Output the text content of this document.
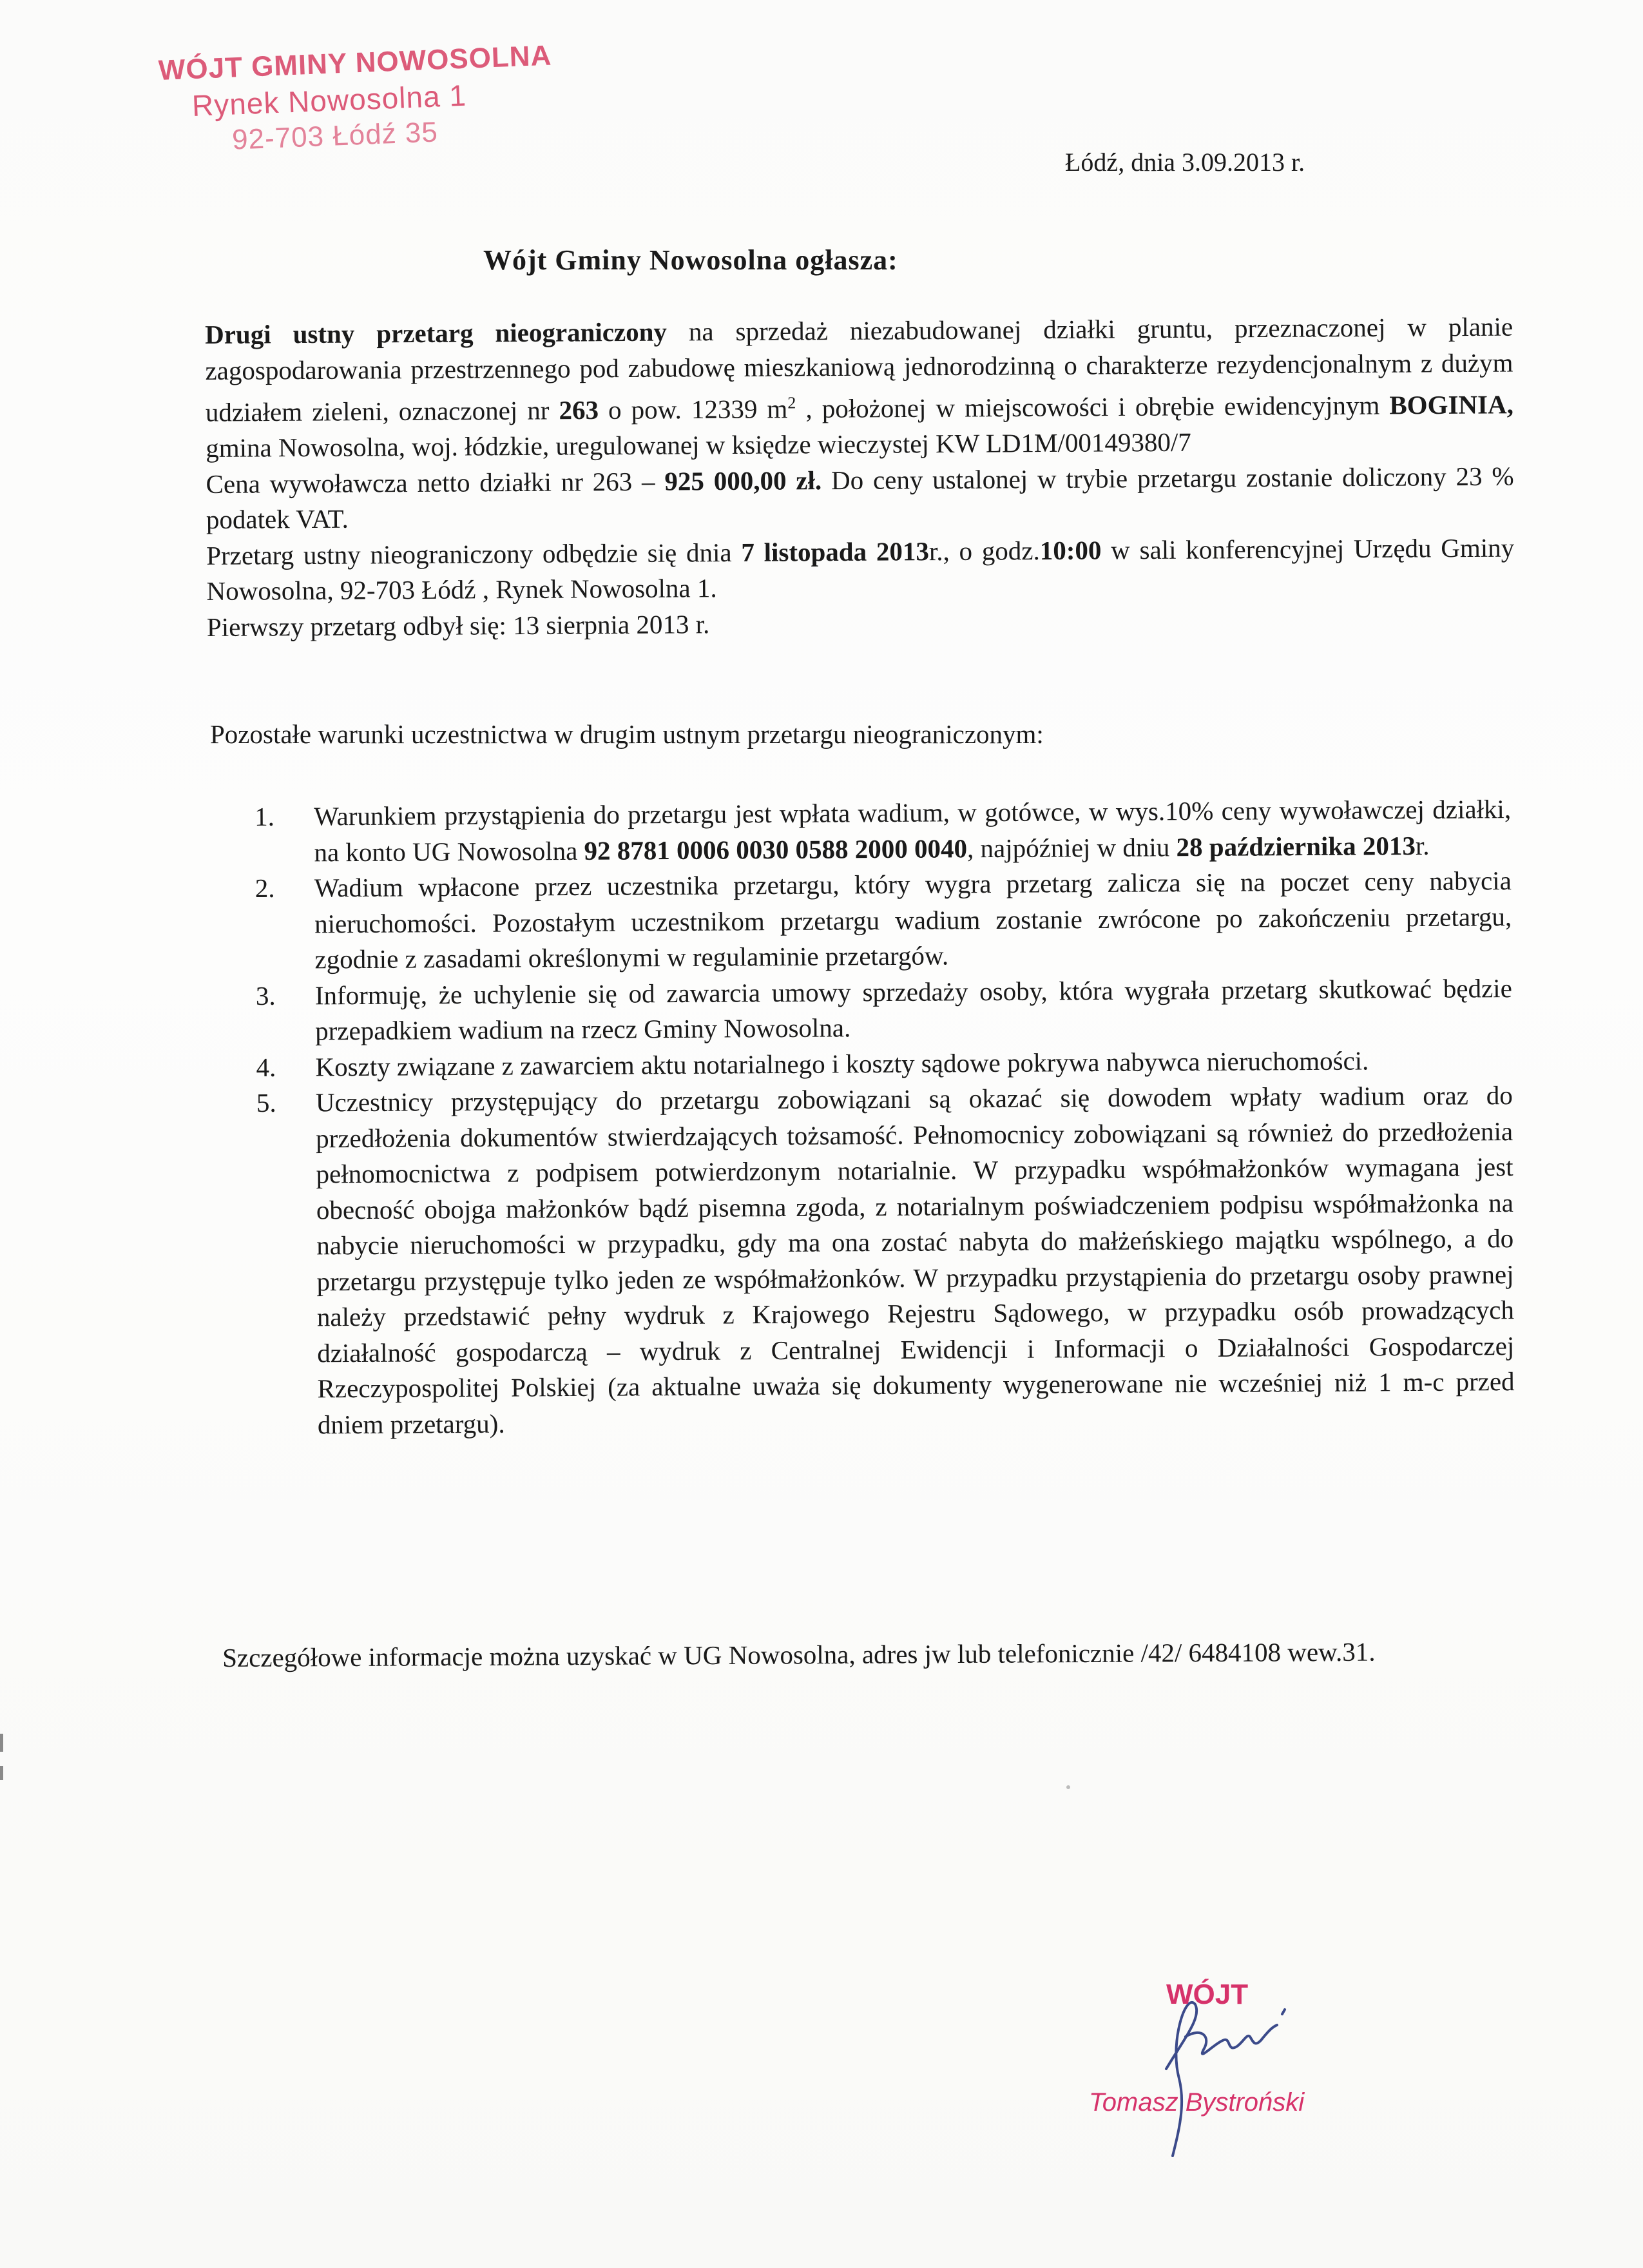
WÓJT GMINY NOWOSOLNA
Rynek Nowosolna 1
92-703 Łódź 35
Łódź, dnia 3.09.2013 r.
Wójt Gminy Nowosolna ogłasza:

Drugi ustny przetarg nieograniczony na sprzedaż niezabudowanej działki gruntu, przeznaczonej w planie zagospodarowania przestrzennego pod zabudowę mieszkaniową jednorodzinną o charakterze rezydencjonalnym z dużym udziałem zieleni, oznaczonej nr 263 o pow. 12339 $m^2$ , położonej w miejscowości i obrębie ewidencyjnym BOGINIA, gmina Nowosolna, woj. łódzkie, uregulowanej w księdze wieczystej KW LD1M/00149380/7

Cena wywoławcza netto działki nr 263 – 925 000,00 zł. Do ceny ustalonej w trybie przetargu zostanie doliczony 23 % podatek VAT.

Przetarg ustny nieograniczony odbędzie się dnia 7 listopada 2013r., o godz.10:00 w sali konferencyjnej Urzędu Gminy Nowosolna, 92-703 Łódź , Rynek Nowosolna 1.

Pierwszy przetarg odbył się: 13 sierpnia 2013 r.

Pozostałe warunki uczestnictwa w drugim ustnym przetargu nieograniczonym:
1. Warunkiem przystąpienia do przetargu jest wpłata wadium, w gotówce, w wys.10% ceny wywoławczej działki, na konto UG Nowosolna 92 8781 0006 0030 0588 2000 0040, najpóźniej w dniu 28 października 2013r.
2. Wadium wpłacone przez uczestnika przetargu, który wygra przetarg zalicza się na poczet ceny nabycia nieruchomości. Pozostałym uczestnikom przetargu wadium zostanie zwrócone po zakończeniu przetargu, zgodnie z zasadami określonymi w regulaminie przetargów.
3. Informuję, że uchylenie się od zawarcia umowy sprzedaży osoby, która wygrała przetarg skutkować będzie przepadkiem wadium na rzecz Gminy Nowosolna.
4. Koszty związane z zawarciem aktu notarialnego i koszty sądowe pokrywa nabywca nieruchomości.
5. Uczestnicy przystępujący do przetargu zobowiązani są okazać się dowodem wpłaty wadium oraz do przedłożenia dokumentów stwierdzających tożsamość. Pełnomocnicy zobowiązani są również do przedłożenia pełnomocnictwa z podpisem potwierdzonym notarialnie. W przypadku współmałżonków wymagana jest obecność obojga małżonków bądź pisemna zgoda, z notarialnym poświadczeniem podpisu współmałżonka na nabycie nieruchomości w przypadku, gdy ma ona zostać nabyta do małżeńskiego majątku wspólnego, a do przetargu przystępuje tylko jeden ze współmałżonków. W przypadku przystąpienia do przetargu osoby prawnej należy przedstawić pełny wydruk z Krajowego Rejestru Sądowego, w przypadku osób prowadzących działalność gospodarczą – wydruk z Centralnej Ewidencji i Informacji o Działalności Gospodarczej Rzeczypospolitej Polskiej (za aktualne uważa się dokumenty wygenerowane nie wcześniej niż 1 m-c przed dniem przetargu).
Szczegółowe informacje można uzyskać w UG Nowosolna, adres jw lub telefonicznie /42/ 6484108 wew.31.
WÓJT
Tomasz Bystroński
